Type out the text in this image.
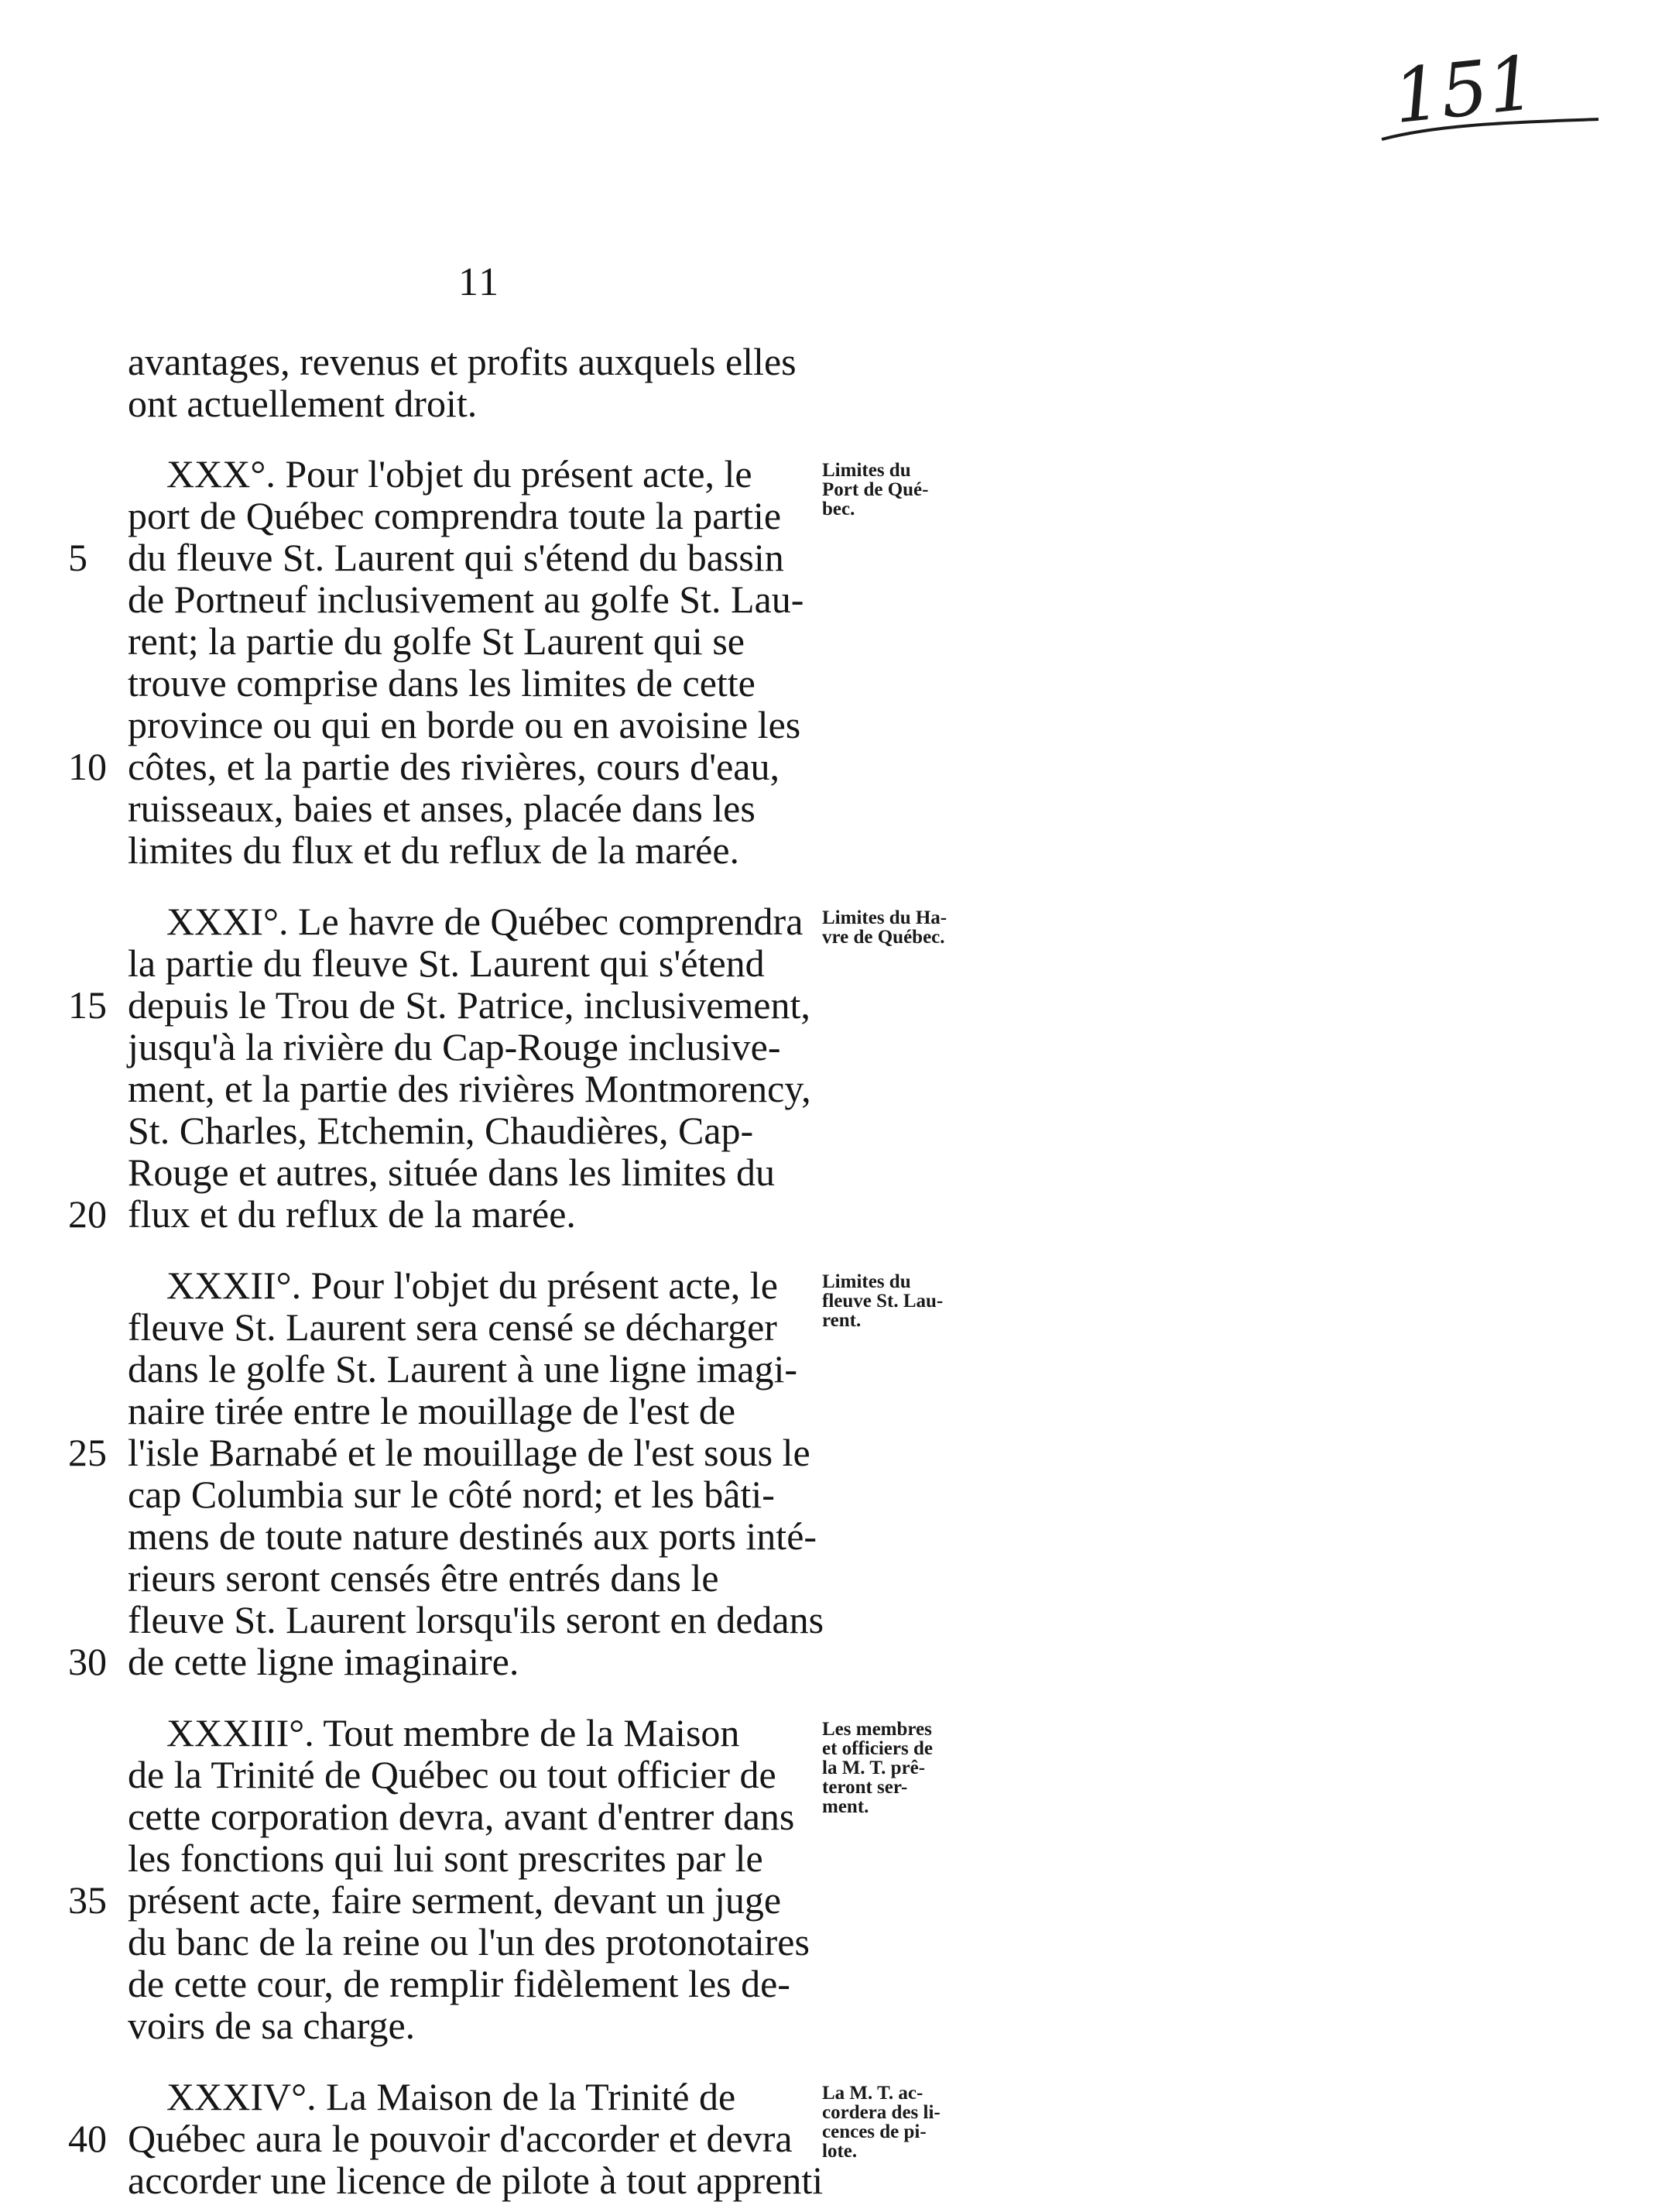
151
11
avantages, revenus et profits auxquels elles
ont actuellement droit.
XXX°. Pour l'objet du présent acte, le
port de Québec comprendra toute la partie
du fleuve St. Laurent qui s'étend du bassin
de Portneuf inclusivement au golfe St. Lau-
rent; la partie du golfe St Laurent qui se
trouve comprise dans les limites de cette
province ou qui en borde ou en avoisine les
côtes, et la partie des rivières, cours d'eau,
ruisseaux, baies et anses, placée dans les
limites du flux et du reflux de la marée.
XXXI°. Le havre de Québec comprendra
la partie du fleuve St. Laurent qui s'étend
depuis le Trou de St. Patrice, inclusivement,
jusqu'à la rivière du Cap-Rouge inclusive-
ment, et la partie des rivières Montmorency,
St. Charles, Etchemin, Chaudières, Cap-
Rouge et autres, située dans les limites du
flux et du reflux de la marée.
XXXII°. Pour l'objet du présent acte, le
fleuve St. Laurent sera censé se décharger
dans le golfe St. Laurent à une ligne imagi-
naire tirée entre le mouillage de l'est de
l'isle Barnabé et le mouillage de l'est sous le
cap Columbia sur le côté nord; et les bâti-
mens de toute nature destinés aux ports inté-
rieurs seront censés être entrés dans le
fleuve St. Laurent lorsqu'ils seront en dedans
de cette ligne imaginaire.
XXXIII°. Tout membre de la Maison
de la Trinité de Québec ou tout officier de
cette corporation devra, avant d'entrer dans
les fonctions qui lui sont prescrites par le
présent acte, faire serment, devant un juge
du banc de la reine ou l'un des protonotaires
de cette cour, de remplir fidèlement les de-
voirs de sa charge.
XXXIV°. La Maison de la Trinité de
Québec aura le pouvoir d'accorder et devra
accorder une licence de pilote à tout apprenti
5
10
15
20
25
30
35
40
Limites du
Port de Qué-
bec.
Limites du Ha-
vre de Québec.
Limites du
fleuve St. Lau-
rent.
Les membres
et officiers de
la M. T. prê-
teront ser-
ment.
La M. T. ac-
cordera des li-
cences de pi-
lote.
